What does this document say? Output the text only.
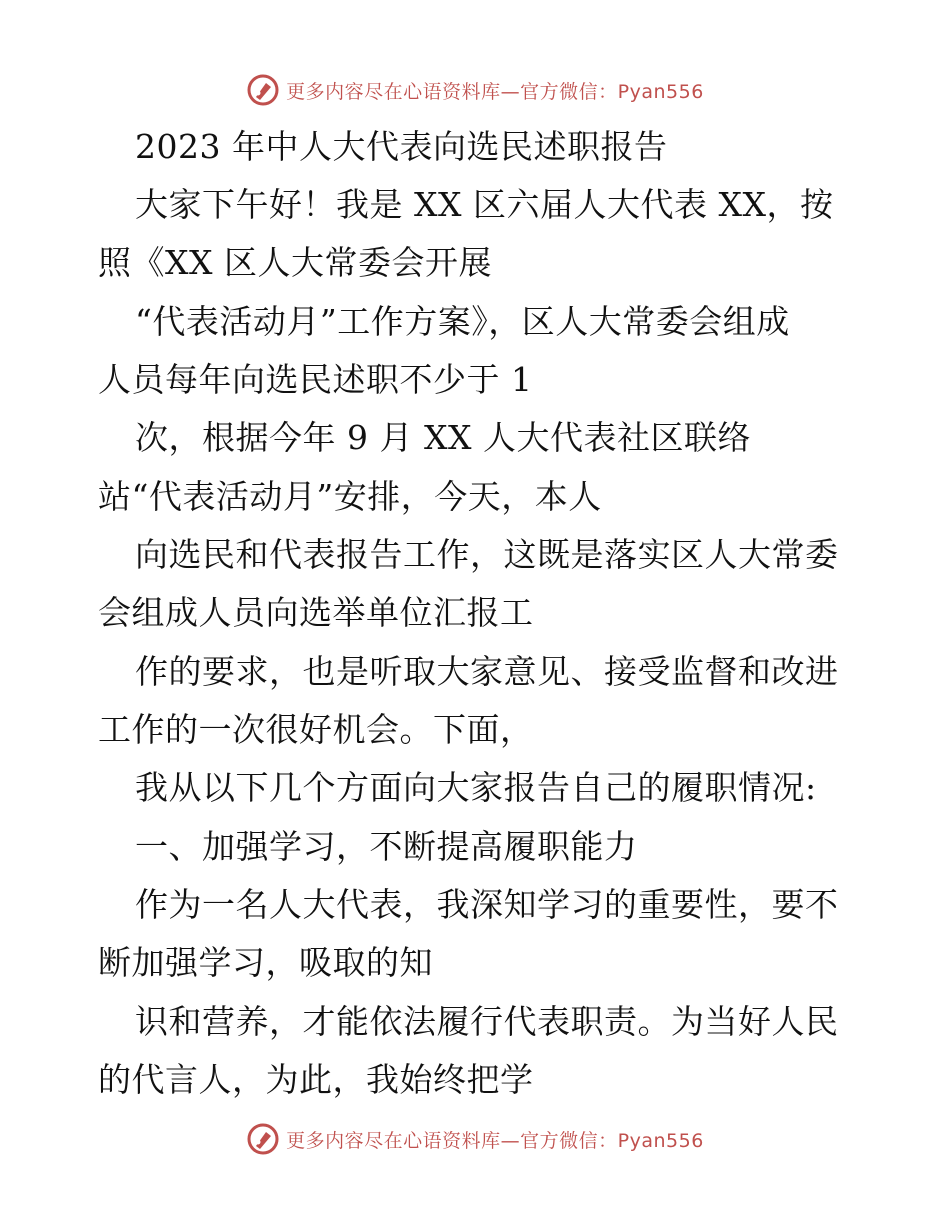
更多内容尽在心语资料库—官方微信：Pyan556
2023 年中人大代表向选民述职报告
大家下午好！我是 XX 区六届人大代表 XX，按
照《XX 区人大常委会开展
“代表活动月”工作方案》，区人大常委会组成
人员每年向选民述职不少于 1
次，根据今年 9 月 XX 人大代表社区联络
站“代表活动月”安排，今天，本人
向选民和代表报告工作，这既是落实区人大常委
会组成人员向选举单位汇报工
作的要求，也是听取大家意见、接受监督和改进
工作的一次很好机会。下面，
我从以下几个方面向大家报告自己的履职情况:
一、加强学习，不断提高履职能力
作为一名人大代表，我深知学习的重要性，要不
断加强学习，吸取的知
识和营养，才能依法履行代表职责。为当好人民
的代言人，为此，我始终把学
更多内容尽在心语资料库—官方微信：Pyan556
